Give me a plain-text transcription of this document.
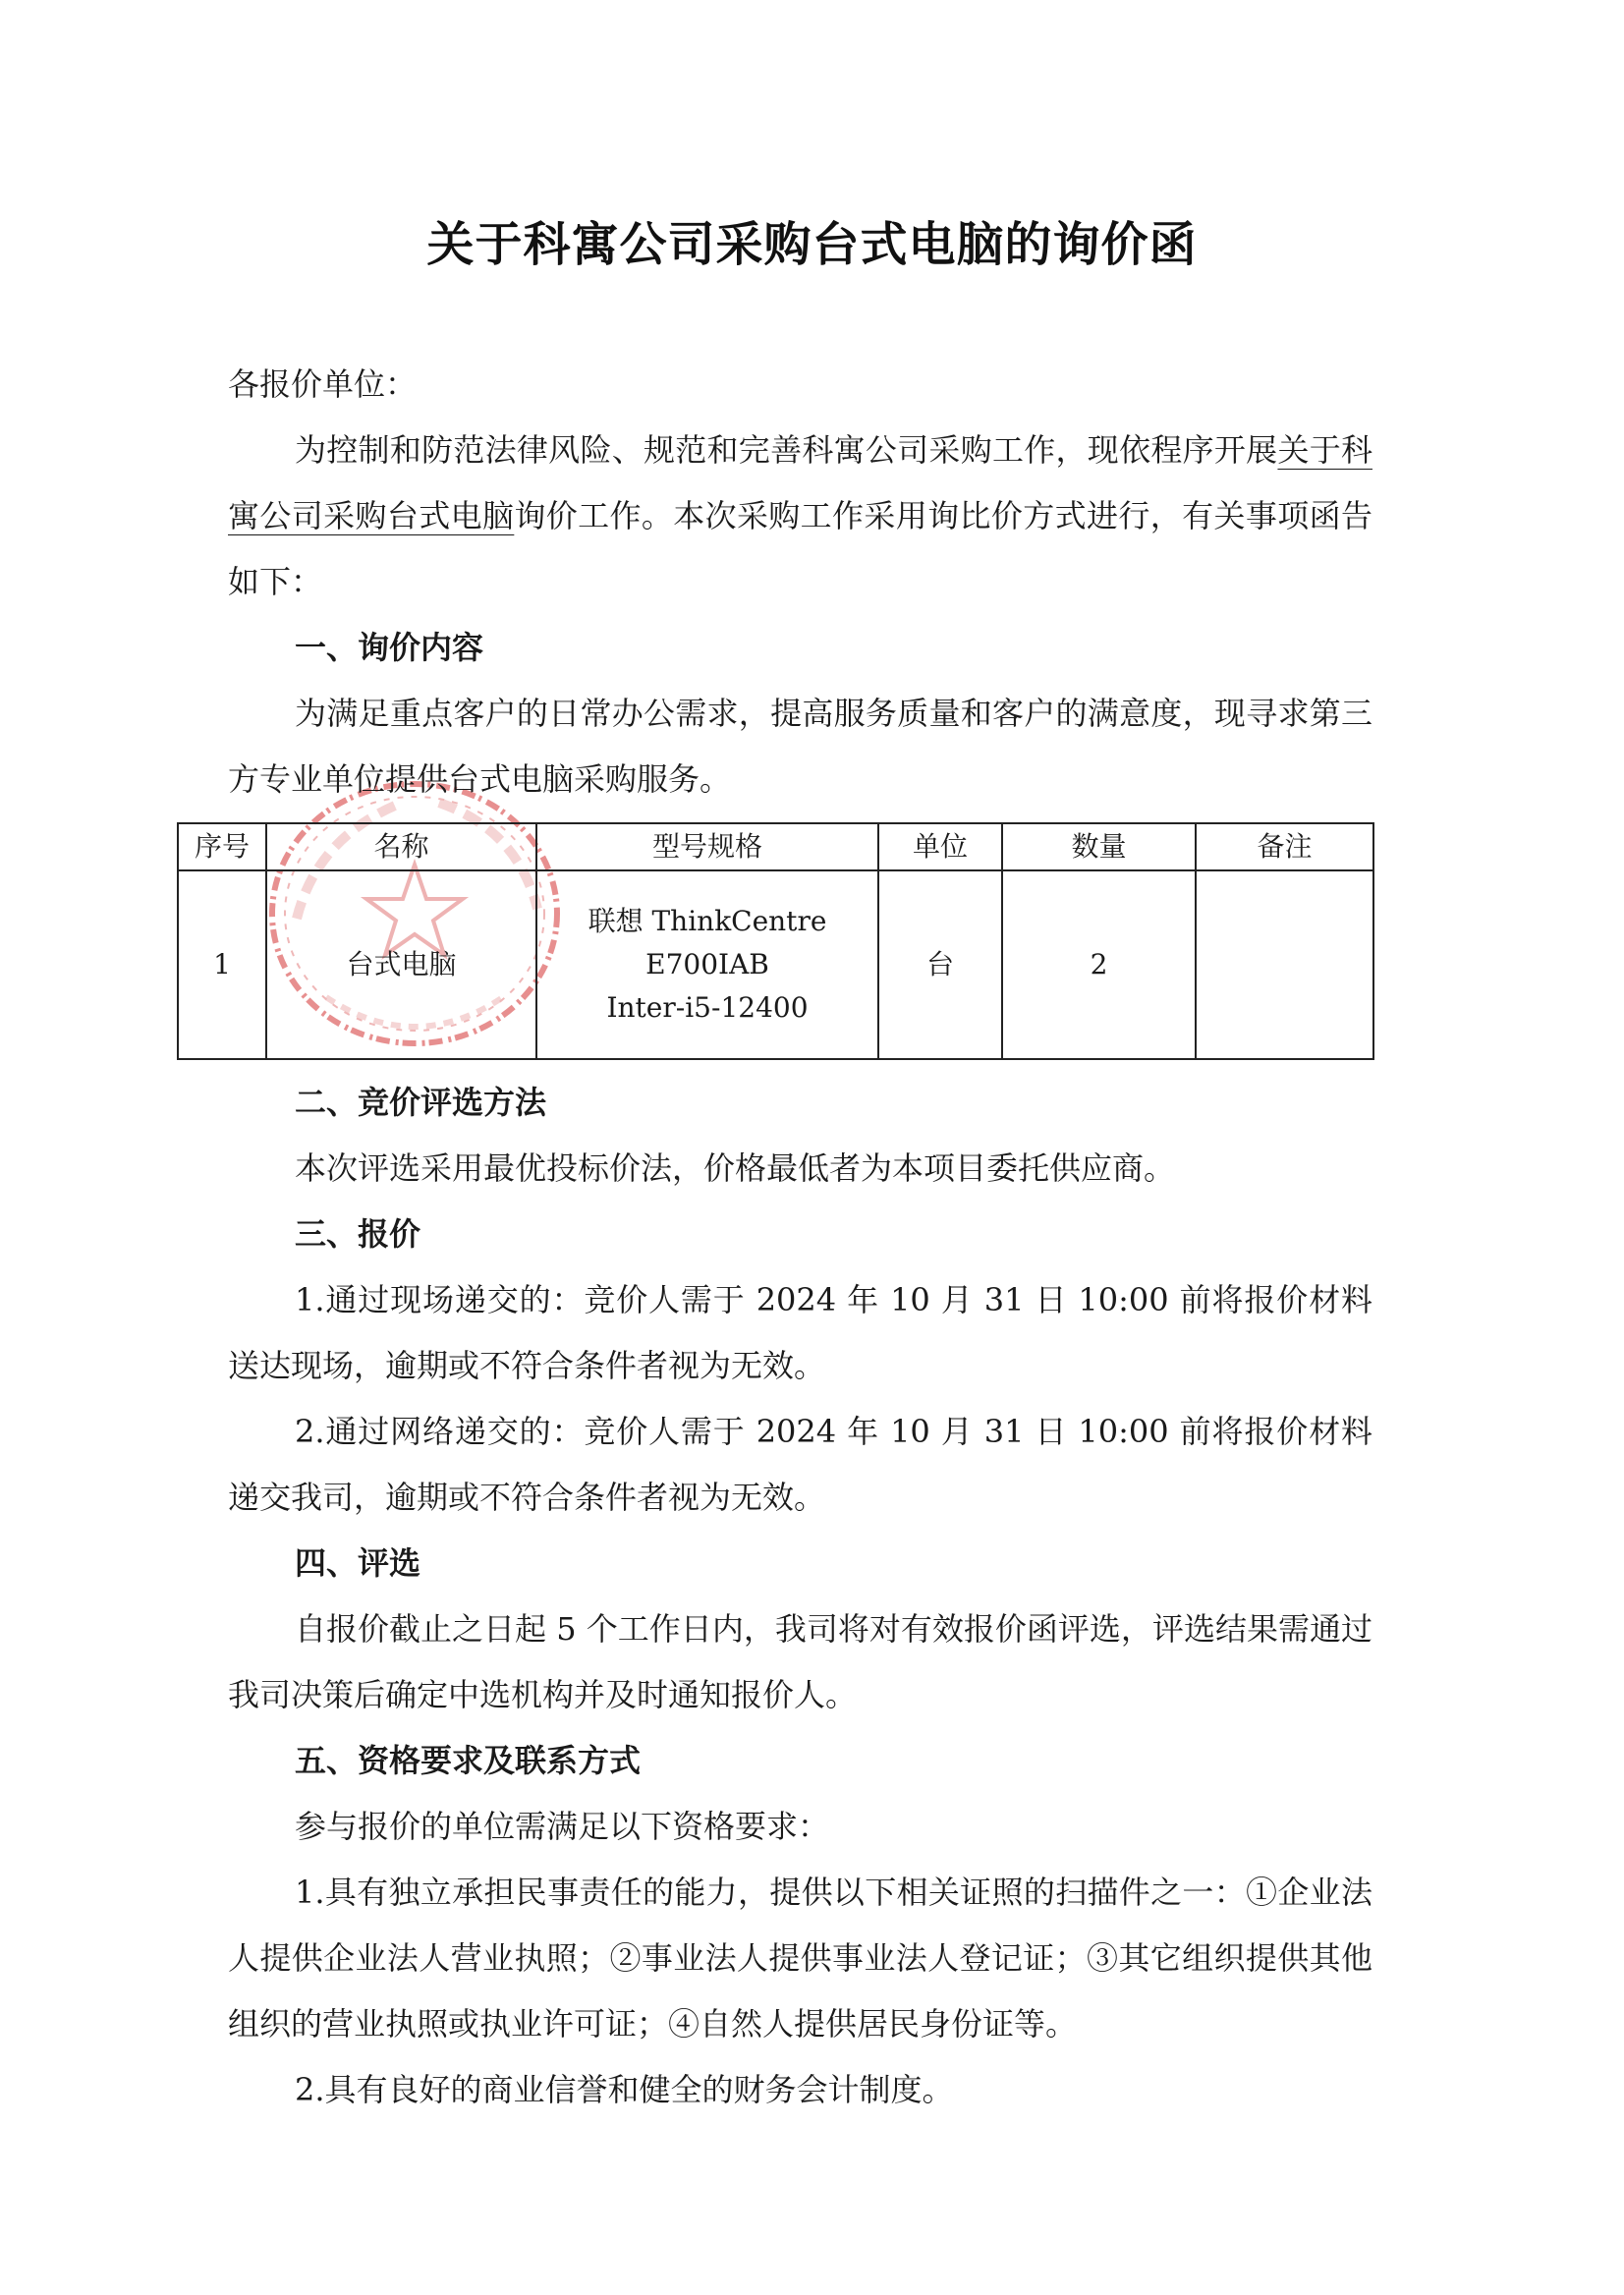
关于科寓公司采购台式电脑的询价函

各报价单位：

为控制和防范法律风险、规范和完善科寓公司采购工作，现依程序开展关于科寓公司采购台式电脑询价工作。本次采购工作采用询比价方式进行，有关事项函告如下：

一、询价内容

为满足重点客户的日常办公需求，提高服务质量和客户的满意度，现寻求第三方专业单位提供台式电脑采购服务。

序号	名称	型号规格	单位	数量	备注
1	台式电脑	联想 ThinkCentre
E700IAB
Inter-i5-12400	台	2	

二、竞价评选方法

本次评选采用最优投标价法，价格最低者为本项目委托供应商。

三、报价

1.通过现场递交的：竞价人需于 2024 年 10 月 31 日 10:00 前将报价材料送达现场，逾期或不符合条件者视为无效。

2.通过网络递交的：竞价人需于 2024 年 10 月 31 日 10:00 前将报价材料递交我司，逾期或不符合条件者视为无效。

四、评选

自报价截止之日起 5 个工作日内，我司将对有效报价函评选，评选结果需通过我司决策后确定中选机构并及时通知报价人。

五、资格要求及联系方式

参与报价的单位需满足以下资格要求：

1.具有独立承担民事责任的能力，提供以下相关证照的扫描件之一：①企业法人提供企业法人营业执照；②事业法人提供事业法人登记证；③其它组织提供其他组织的营业执照或执业许可证；④自然人提供居民身份证等。

2.具有良好的商业信誉和健全的财务会计制度。
